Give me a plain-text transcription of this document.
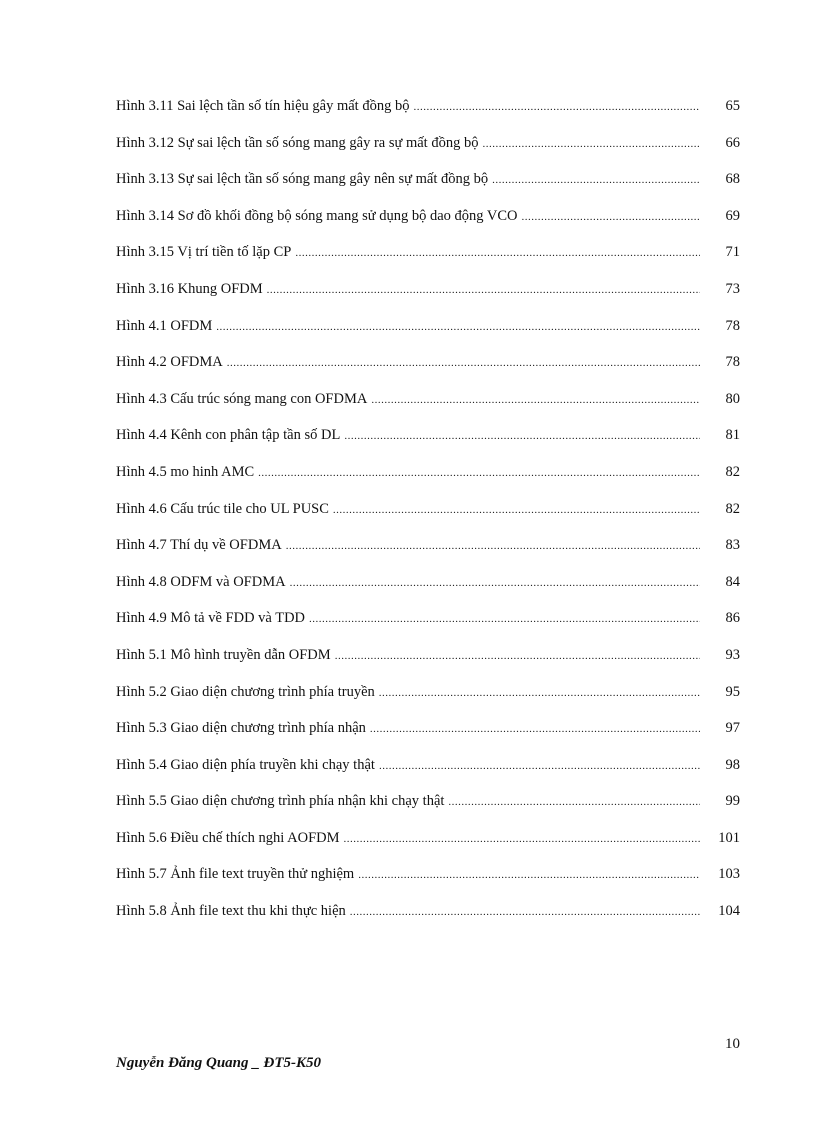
Hình 3.11 Sai lệch tần số tín hiệu gây mất đồng bộ .....	65
Hình 3.12 Sự sai lệch tần số sóng mang gây ra sự mất đồng bộ .....	66
Hình 3.13 Sự sai lệch tần số sóng mang gây nên sự mất đồng bộ .....	68
Hình 3.14 Sơ đồ khối đồng bộ sóng mang sử dụng bộ dao động VCO .....	69
Hình 3.15 Vị trí tiền tố lặp CP .....	71
Hình 3.16 Khung OFDM .....	73
Hình 4.1 OFDM .....	78
Hình 4.2 OFDMA .....	78
Hình 4.3 Cấu trúc sóng mang con OFDMA .....	80
Hình 4.4 Kênh con phân tập tần số DL .....	81
Hình 4.5 mo hinh AMC .....	82
Hình 4.6 Cấu trúc tile cho UL PUSC .....	82
Hình 4.7 Thí dụ về OFDMA .....	83
Hình 4.8 ODFM và OFDMA .....	84
Hình 4.9 Mô tả về FDD và TDD .....	86
Hình 5.1 Mô hình truyền dẫn OFDM .....	93
Hình 5.2 Giao diện chương trình phía truyền .....	95
Hình 5.3 Giao diện chương trình phía nhận .....	97
Hình 5.4 Giao diện phía truyền khi chạy thật .....	98
Hình 5.5 Giao diện chương trình phía nhận khi chạy thật .....	99
Hình 5.6 Điều chế thích nghi AOFDM .....	101
Hình 5.7 Ảnh file text truyền thử nghiệm .....	103
Hình 5.8 Ảnh file text thu khi thực hiện .....	104
10
Nguyễn Đăng Quang _ ĐT5-K50
